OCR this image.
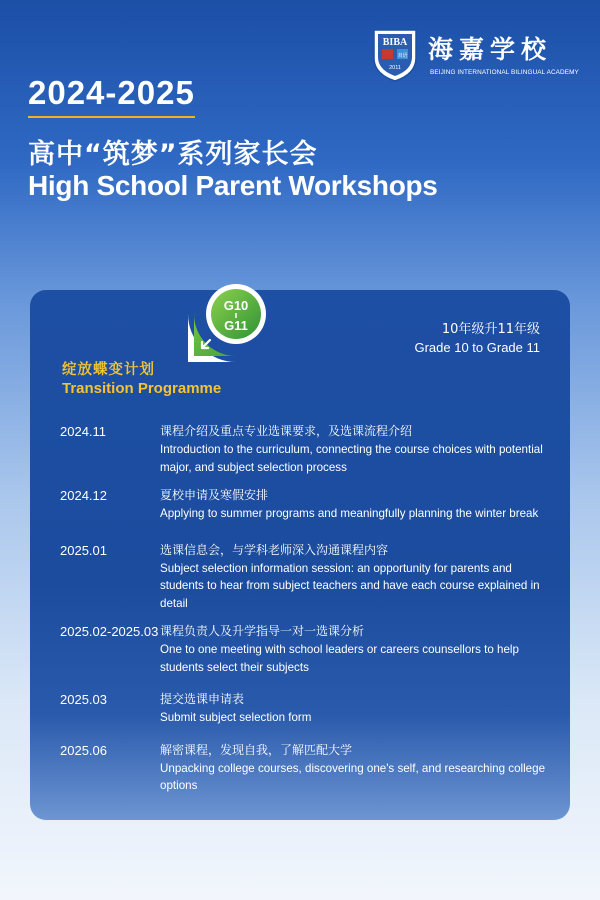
BIBA
双语
2011
海嘉学校
BEIJING INTERNATIONAL BILINGUAL ACADEMY
2024-2025
高中“筑梦”系列家长会
High School Parent Workshops
G10
G11	10年级升11年级
Grade 10 to Grade 11
绽放蝶变计划
Transition Programme
2024.11	课程介绍及重点专业选课要求，及选课流程介绍
Introduction to the curriculum, connecting the course choices with potential major, and subject selection process
2024.12	夏校申请及寒假安排
Applying to summer programs and meaningfully planning the winter break
2025.01	选课信息会，与学科老师深入沟通课程内容
Subject selection information session: an opportunity for parents and students to hear from subject teachers and have each course explained in detail
2025.02-2025.03 课程负责人及升学指导一对一选课分析
One to one meeting with school leaders or careers counsellors to help students select their subjects
2025.03	提交选课申请表
Submit subject selection form
2025.06	解密课程，发现自我，了解匹配大学
Unpacking college courses, discovering one's self, and researching college options
